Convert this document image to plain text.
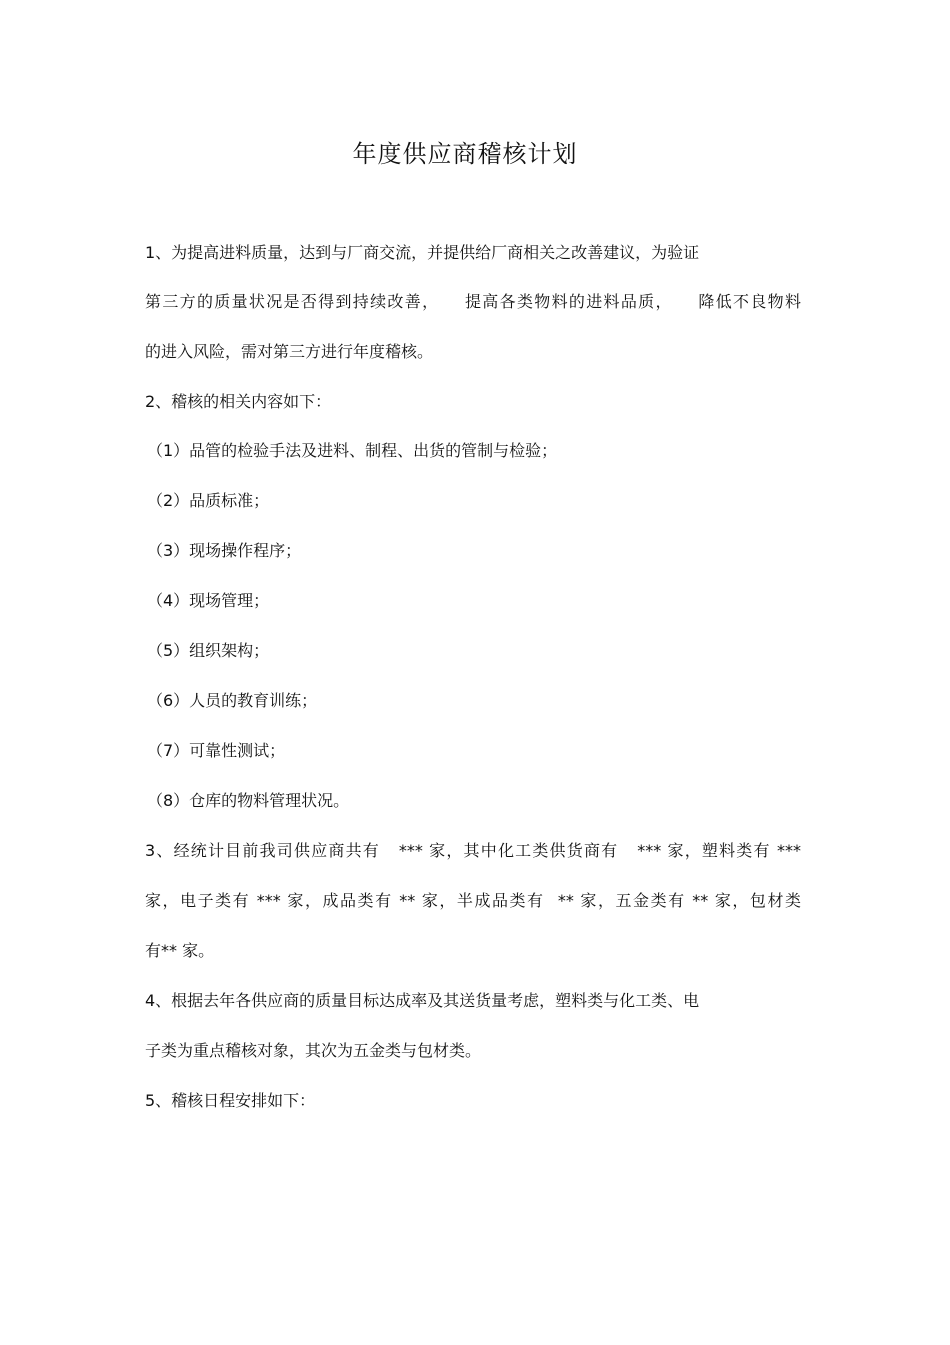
年度供应商稽核计划
1、为提高进料质量，达到与厂商交流，并提供给厂商相关之改善建议，为验证
第三方的质量状况是否得到持续改善，    提高各类物料的进料品质，    降低不良物料
的进入风险，需对第三方进行年度稽核。
2、稽核的相关内容如下：
（1）品管的检验手法及进料、制程、出货的管制与检验；
（2）品质标准；
（3）现场操作程序；
（4）现场管理；
（5）组织架构；
（6）人员的教育训练；
（7）可靠性测试；
（8）仓库的物料管理状况。
3、经统计目前我司供应商共有   *** 家，其中化工类供货商有   *** 家，塑料类有 ***
家，电子类有 *** 家，成品类有 ** 家，半成品类有  ** 家，五金类有 ** 家，包材类
有** 家。
4、根据去年各供应商的质量目标达成率及其送货量考虑，塑料类与化工类、电
子类为重点稽核对象，其次为五金类与包材类。
5、稽核日程安排如下：
